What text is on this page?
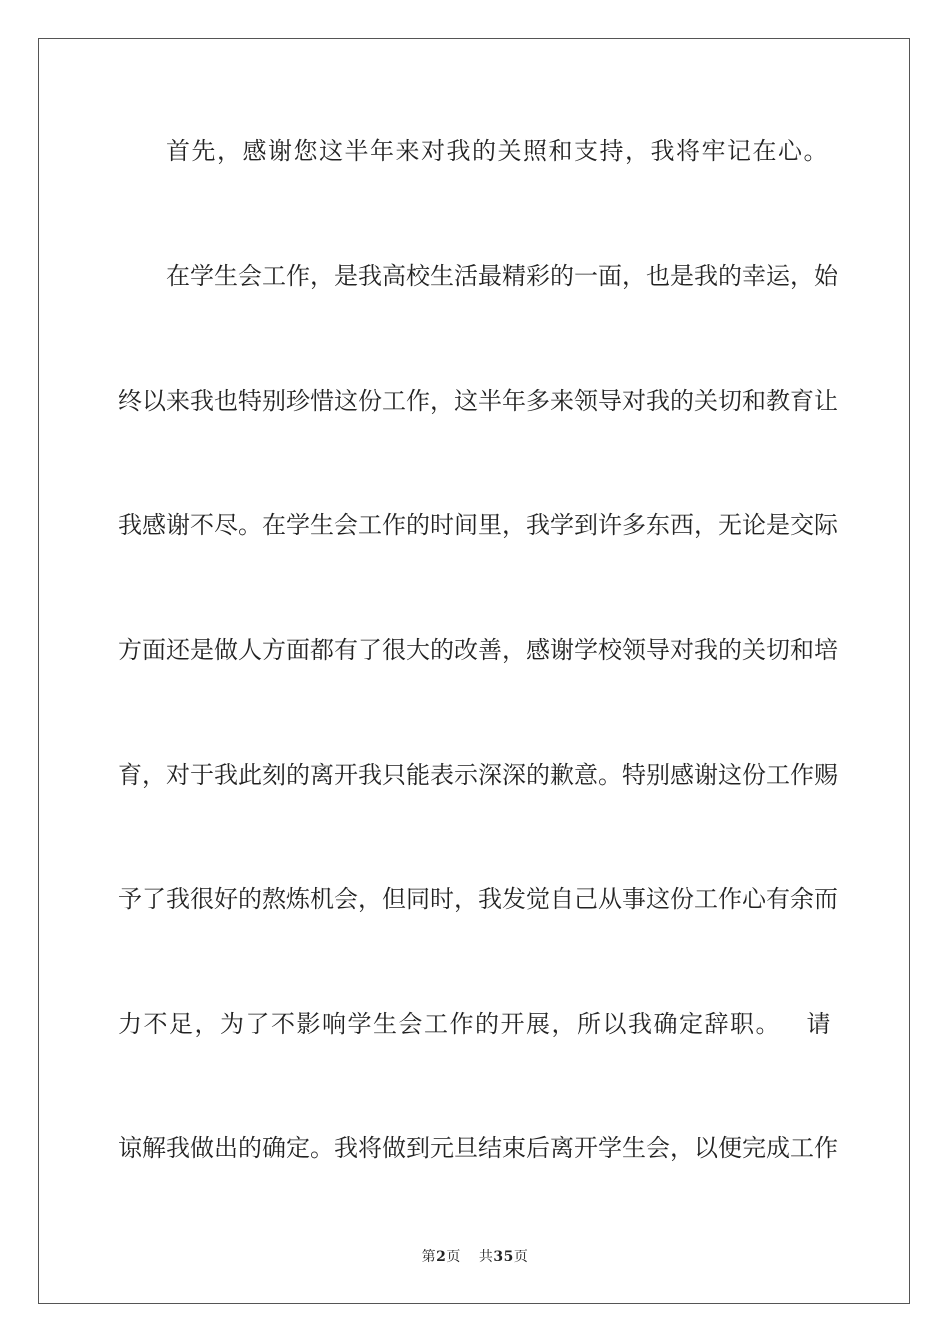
首先，感谢您这半年来对我的关照和支持，我将牢记在心。
在学生会工作，是我高校生活最精彩的一面，也是我的幸运，始
终以来我也特别珍惜这份工作，这半年多来领导对我的关切和教育让
我感谢不尽。在学生会工作的时间里，我学到许多东西，无论是交际
方面还是做人方面都有了很大的改善，感谢学校领导对我的关切和培
育，对于我此刻的离开我只能表示深深的歉意。特别感谢这份工作赐
予了我很好的熬炼机会，但同时，我发觉自己从事这份工作心有余而
力不足，为了不影响学生会工作的开展，所以我确定辞职。 请
谅解我做出的确定。我将做到元旦结束后离开学生会，以便完成工作
第2页 共35页
